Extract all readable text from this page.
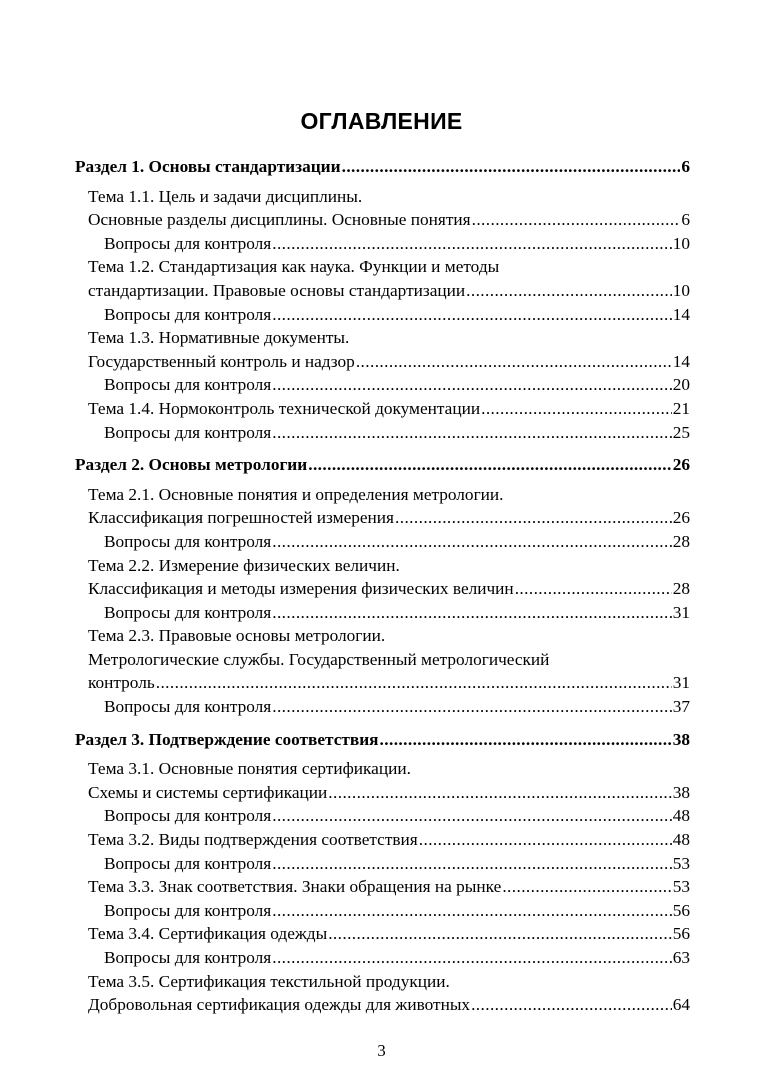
ОГЛАВЛЕНИЕ
Раздел 1. Основы стандартизации .....	6
Тема 1.1. Цель и задачи дисциплины.
Основные разделы дисциплины. Основные понятия .....	6
Вопросы для контроля .....	10
Тема 1.2. Стандартизация как наука. Функции и методы
стандартизации. Правовые основы стандартизации .....	10
Вопросы для контроля .....	14
Тема 1.3. Нормативные документы.
Государственный контроль и надзор .....	14
Вопросы для контроля .....	20
Тема 1.4. Нормоконтроль технической документации .....	21
Вопросы для контроля .....	25
Раздел 2. Основы метрологии .....	26
Тема 2.1. Основные понятия и определения метрологии.
Классификация погрешностей измерения .....	26
Вопросы для контроля .....	28
Тема 2.2. Измерение физических величин.
Классификация и методы измерения физических величин .....	28
Вопросы для контроля .....	31
Тема 2.3. Правовые основы метрологии.
Метрологические службы. Государственный метрологический
контроль .....	31
Вопросы для контроля .....	37
Раздел 3. Подтверждение соответствия .....	38
Тема 3.1. Основные понятия сертификации.
Схемы и системы сертификации .....	38
Вопросы для контроля .....	48
Тема 3.2. Виды подтверждения соответствия .....	48
Вопросы для контроля .....	53
Тема 3.3. Знак соответствия. Знаки обращения на рынке .....	53
Вопросы для контроля .....	56
Тема 3.4. Сертификация одежды .....	56
Вопросы для контроля .....	63
Тема 3.5. Сертификация текстильной продукции.
Добровольная сертификация одежды для животных .....	64
3
